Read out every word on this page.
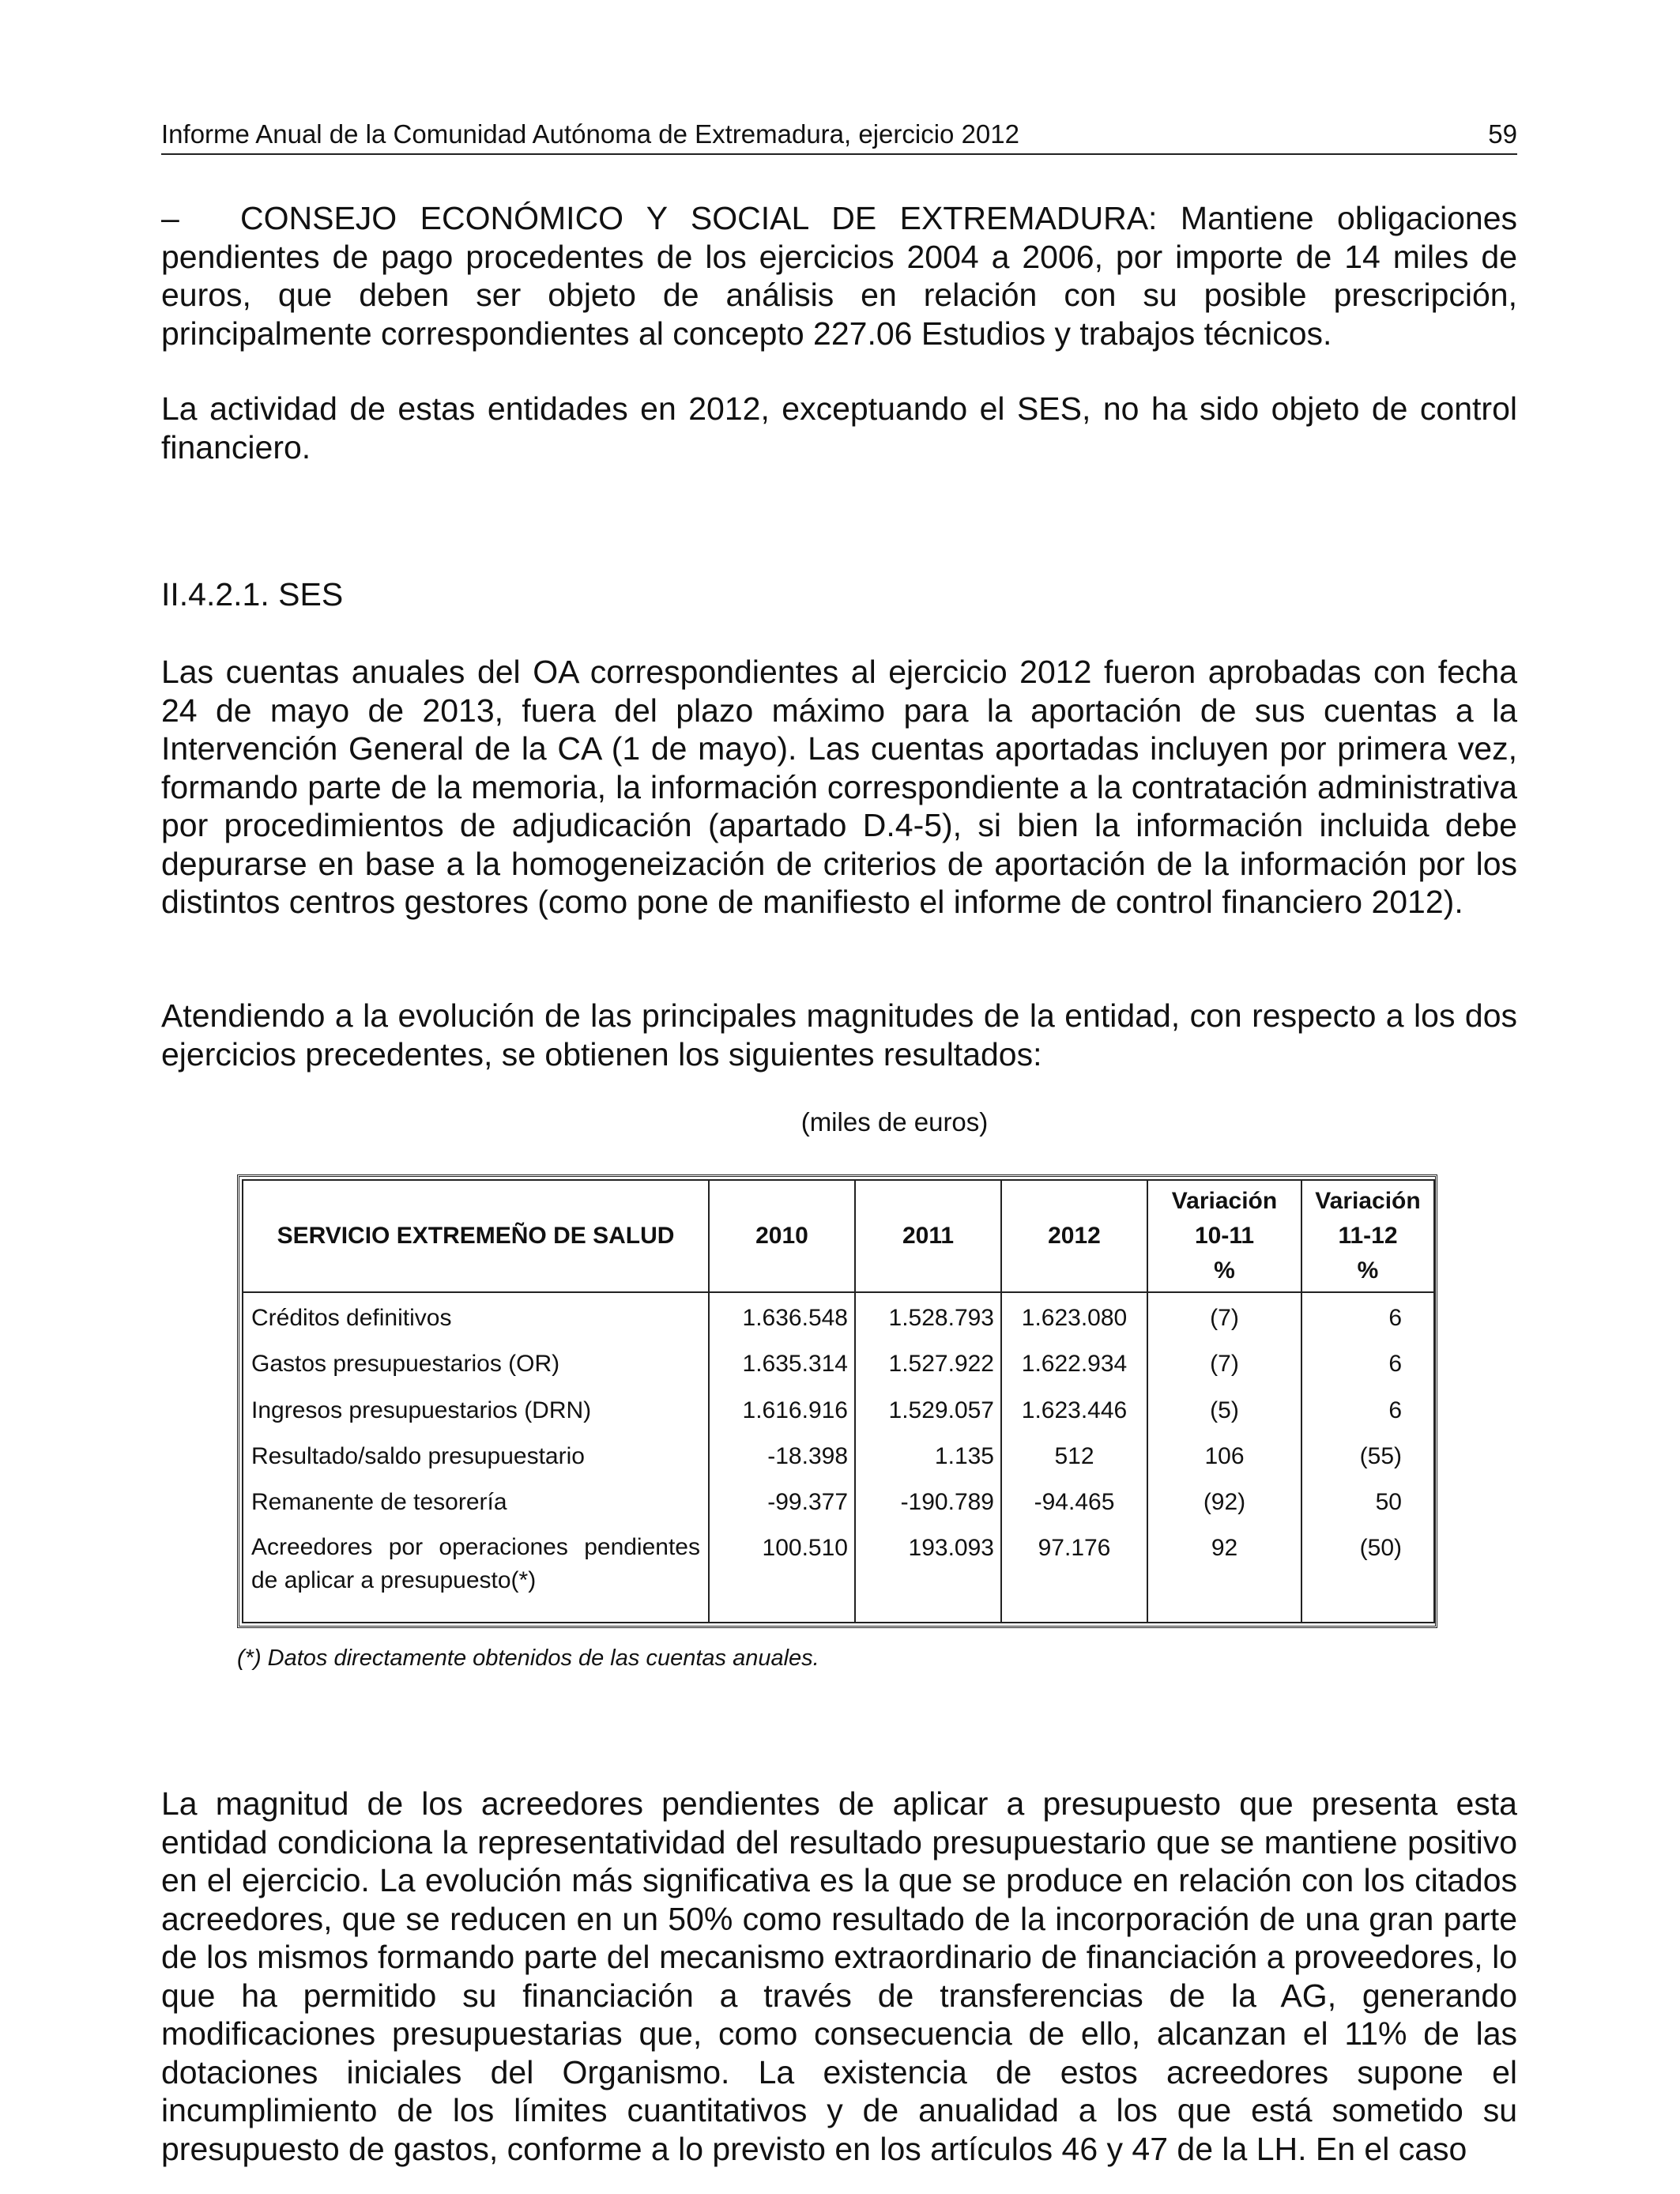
Informe Anual de la Comunidad Autónoma de Extremadura, ejercicio 2012	59

– CONSEJO ECONÓMICO Y SOCIAL DE EXTREMADURA: Mantiene obligaciones pendientes de pago procedentes de los ejercicios 2004 a 2006, por importe de 14 miles de euros, que deben ser objeto de análisis en relación con su posible prescripción, principalmente correspondientes al concepto 227.06 Estudios y trabajos técnicos.

La actividad de estas entidades en 2012, exceptuando el SES, no ha sido objeto de control financiero.

II.4.2.1. SES

Las cuentas anuales del OA correspondientes al ejercicio 2012 fueron aprobadas con fecha 24 de mayo de 2013, fuera del plazo máximo para la aportación de sus cuentas a la Intervención General de la CA (1 de mayo). Las cuentas aportadas incluyen por primera vez, formando parte de la memoria, la información correspondiente a la contratación administrativa por procedimientos de adjudicación (apartado D.4-5), si bien la información incluida debe depurarse en base a la homogeneización de criterios de aportación de la información por los distintos centros gestores (como pone de manifiesto el informe de control financiero 2012).

Atendiendo a la evolución de las principales magnitudes de la entidad, con respecto a los dos ejercicios precedentes, se obtienen los siguientes resultados:

(miles de euros)
SERVICIO EXTREMEÑO DE SALUD	2010	2011	2012	Variación
10-11
%	Variación
11-12
%

Créditos definitivos	1.636.548	1.528.793	1.623.080	(7)	6
Gastos presupuestarios (OR)	1.635.314	1.527.922	1.622.934	(7)	6
Ingresos presupuestarios (DRN)	1.616.916	1.529.057	1.623.446	(5)	6
Resultado/saldo presupuestario	-18.398	1.135	512	106	(55)
Remanente de tesorería	-99.377	-190.789	-94.465	(92)	50
Acreedores por operaciones pendientes de aplicar a presupuesto(*)	100.510	193.093	97.176	92	(50)
(*) Datos directamente obtenidos de las cuentas anuales.

La magnitud de los acreedores pendientes de aplicar a presupuesto que presenta esta entidad condiciona la representatividad del resultado presupuestario que se mantiene positivo en el ejercicio. La evolución más significativa es la que se produce en relación con los citados acreedores, que se reducen en un 50% como resultado de la incorporación de una gran parte de los mismos formando parte del mecanismo extraordinario de financiación a proveedores, lo que ha permitido su financiación a través de transferencias de la AG, generando modificaciones presupuestarias que, como consecuencia de ello, alcanzan el 11% de las dotaciones iniciales del Organismo. La existencia de estos acreedores supone el incumplimiento de los límites cuantitativos y de anualidad a los que está sometido su presupuesto de gastos, conforme a lo previsto en los artículos 46 y 47 de la LH. En el caso
